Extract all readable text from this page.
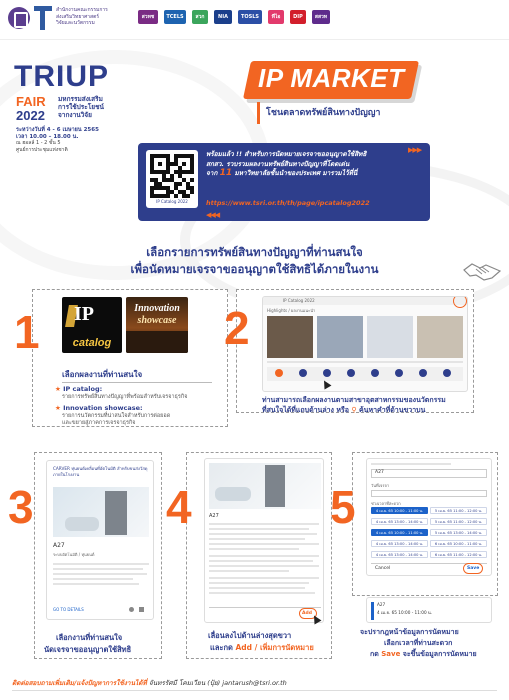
สำนักงานคณะกรรมการ
ส่งเสริมวิทยาศาสตร์
วิจัยและนวัตกรรม
สวทช	TCELS	สวก	NIA	TOSLS	ทีไอ	DIP	สสวท
TRIUP
FAIR
2022
มหกรรมส่งเสริม
การใช้ประโยชน์
จากงานวิจัย
ระหว่างวันที่ 4 - 6 เมษายน 2565
เวลา 10.00 – 18.00 น.
ณ ฮอลล์ 1 - 2 ชั้น 5
ศูนย์การประชุมแห่งชาติ
IP MARKET
โชนตลาดทรัพย์สินทางปัญญา
IP Catalog 2022
พร้อมแล้ว !! สำหรับการนัดหมายเจรจาขออนุญาตใช้สิทธิ
สกสว. รวบรวมผลงานทรัพย์สินทางปัญญาที่โดดเด่น
จาก 11 มหาวิทยาลัยชั้นนำของประเทศ มารวมไว้ที่นี่
https://www.tsri.or.th/th/page/ipcatalog2022
▶▶▶
◀◀◀
เลือกรายการทรัพย์สินทางปัญญาที่ท่านสนใจ
เพื่อนัดหมายเจรจาขออนุญาตใช้สิทธิได้ภายในงาน
1 IP
catalog
Innovation
showcase
เลือกผลงานที่ท่านสนใจ
★ IP catalog:
รายการทรัพย์สินทางปัญญาที่พร้อมสำหรับเจรจาธุรกิจ
★ Innovation showcase:
รายการนวัตกรรมที่น่าสนใจสำหรับการต่อยอด
และขยายสู่ภาคการเจรจาธุรกิจ
2
IP Catalog 2022
Highlights / ผลงานแนะนำ
ท่านสามารถเลือกผลงานตามสาขาอุตสาหกรรมของนวัตกรรม
ที่สนใจได้ที่แถบด้านล่าง หรือ ⚲ ค้นหาคำที่ด้านขวาบน
3
CARVER หุ่นยนต์เคลื่อนที่อัตโนมัติ สำหรับขนส่งวัสดุภายในโรงงาน
A27
ระบบอัตโนมัติ / หุ่นยนต์
GO TO DETAILS
เลือกงานที่ท่านสนใจ
นัดเจรจาขออนุญาตใช้สิทธิ
4	A27
Add
เลื่อนลงไปด้านล่างสุดขวา
และกด Add / เพิ่มการนัดหมาย
5
A27
วันที่เจรจา
ช่วงเวลาที่สะดวก
4 เม.ย. 65 10:00 - 11:00 น.	5 เม.ย. 65 11:00 - 12:00 น.
4 เม.ย. 65 13:00 - 14:00 น.	5 เม.ย. 65 11:00 - 12:00 น.
4 เม.ย. 65 10:00 - 11:00 น.	5 เม.ย. 65 13:00 - 14:00 น.
4 เม.ย. 65 13:00 - 14:00 น.	6 เม.ย. 65 10:00 - 11:00 น.
4 เม.ย. 65 13:00 - 14:00 น.	6 เม.ย. 65 11:00 - 12:00 น.
Cancel	Save
A27
4 เม.ย. 65 10:00 - 11:00 น.
จะปรากฎหน้าข้อมูลการนัดหมาย
เลือกเวลาที่ท่านสะดวก
กด Save จะขึ้นข้อมูลการนัดหมาย
ติดต่อสอบถามเพิ่มเติม/แจ้งปัญหาการใช้งานได้ที่ จันทรรัศมี โคมเวียน (ปุ้ย) jantarush@tsri.or.th
